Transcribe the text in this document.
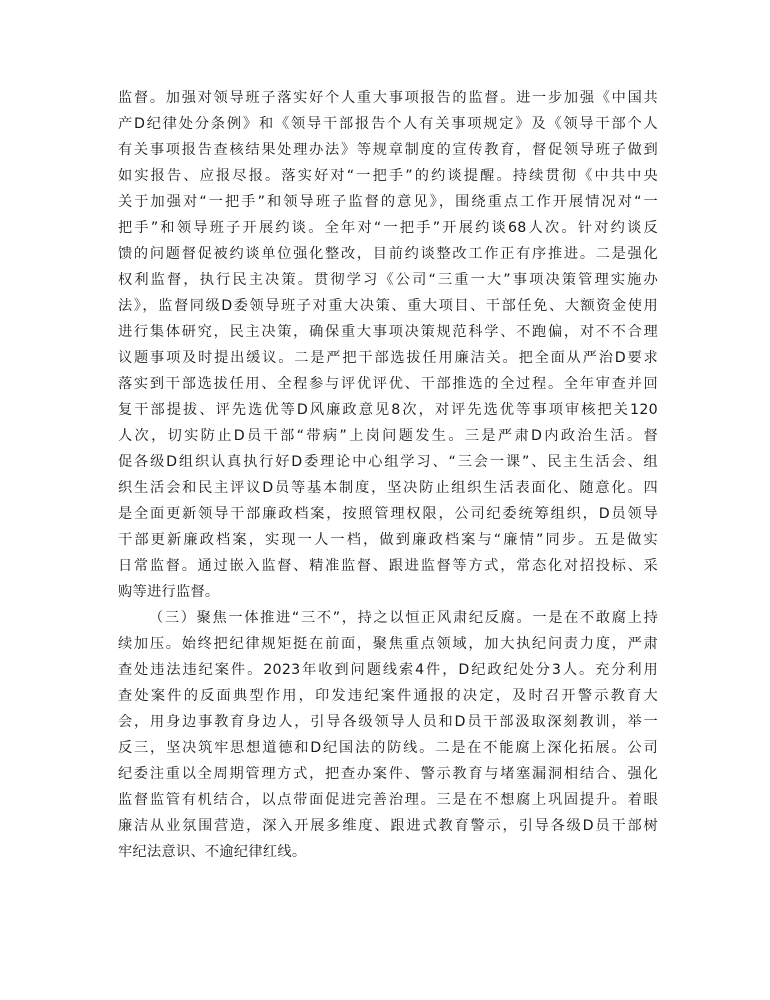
监督。加强对领导班子落实好个人重大事项报告的监督。进一步加强《中国共
产D纪律处分条例》和《领导干部报告个人有关事项规定》及《领导干部个人
有关事项报告查核结果处理办法》等规章制度的宣传教育，督促领导班子做到
如实报告、应报尽报。落实好对“一把手”的约谈提醒。持续贯彻《中共中央
关于加强对“一把手”和领导班子监督的意见》，围绕重点工作开展情况对“一
把手”和领导班子开展约谈。全年对“一把手”开展约谈68人次。针对约谈反
馈的问题督促被约谈单位强化整改，目前约谈整改工作正有序推进。二是强化
权利监督，执行民主决策。贯彻学习《公司“三重一大”事项决策管理实施办
法》，监督同级D委领导班子对重大决策、重大项目、干部任免、大额资金使用
进行集体研究，民主决策，确保重大事项决策规范科学、不跑偏，对不不合理
议题事项及时提出缓议。二是严把干部选拔任用廉洁关。把全面从严治D要求
落实到干部选拔任用、全程参与评优评优、干部推选的全过程。全年审查并回
复干部提拔、评先选优等D风廉政意见8次，对评先选优等事项审核把关120
人次，切实防止D员干部“带病”上岗问题发生。三是严肃D内政治生活。督
促各级D组织认真执行好D委理论中心组学习、“三会一课”、民主生活会、组
织生活会和民主评议D员等基本制度，坚决防止组织生活表面化、随意化。四
是全面更新领导干部廉政档案，按照管理权限，公司纪委统筹组织，D员领导
干部更新廉政档案，实现一人一档，做到廉政档案与“廉情”同步。五是做实
日常监督。通过嵌入监督、精准监督、跟进监督等方式，常态化对招投标、采
购等进行监督。
（三）聚焦一体推进“三不”，持之以恒正风肃纪反腐。一是在不敢腐上持
续加压。始终把纪律规矩挺在前面，聚焦重点领域，加大执纪问责力度，严肃
查处违法违纪案件。2023年收到问题线索4件，D纪政纪处分3人。充分利用
查处案件的反面典型作用，印发违纪案件通报的决定，及时召开警示教育大
会，用身边事教育身边人，引导各级领导人员和D员干部汲取深刻教训，举一
反三，坚决筑牢思想道德和D纪国法的防线。二是在不能腐上深化拓展。公司
纪委注重以全周期管理方式，把查办案件、警示教育与堵塞漏洞相结合、强化
监督监管有机结合，以点带面促进完善治理。三是在不想腐上巩固提升。着眼
廉洁从业氛围营造，深入开展多维度、跟进式教育警示，引导各级D员干部树
牢纪法意识、不逾纪律红线。
